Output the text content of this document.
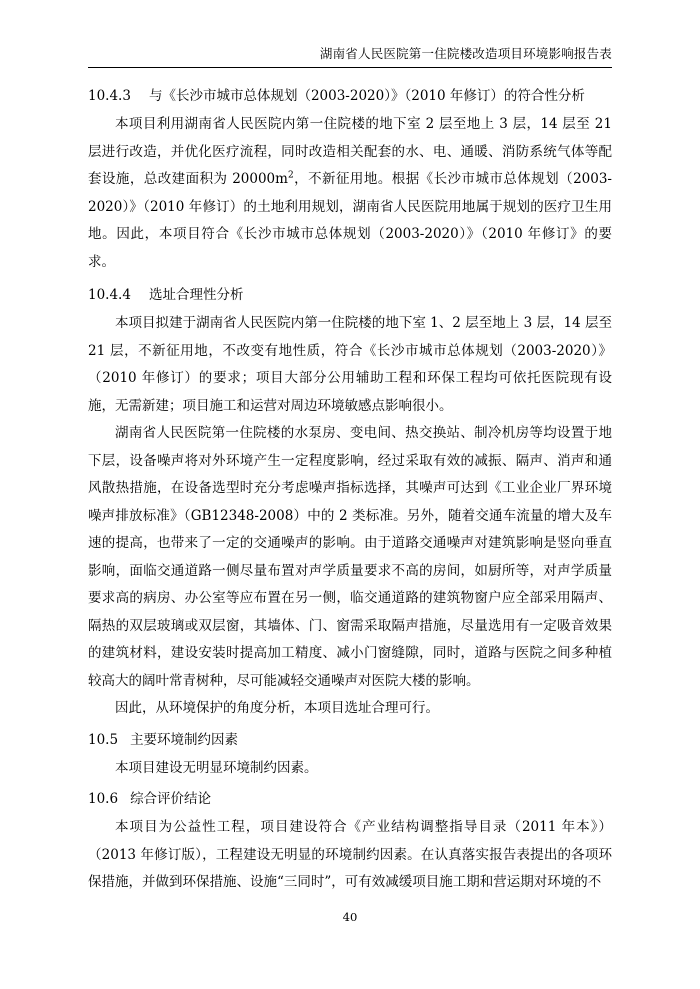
湖南省人民医院第一住院楼改造项目环境影响报告表
10.4.3 与《长沙市城市总体规划（2003-2020）》（2010 年修订）的符合性分析

本项目利用湖南省人民医院内第一住院楼的地下室 2 层至地上 3 层，14 层至 21 层进行改造，并优化医疗流程，同时改造相关配套的水、电、通暖、消防系统气体等配套设施，总改建面积为 $20000m^2$，不新征用地。根据《长沙市城市总体规划（2003-2020）》（2010 年修订）的土地利用规划，湖南省人民医院用地属于规划的医疗卫生用地。因此，本项目符合《长沙市城市总体规划（2003-2020）》（2010 年修订》的要求。

10.4.4 选址合理性分析

本项目拟建于湖南省人民医院内第一住院楼的地下室 1、2 层至地上 3 层，14 层至 21 层，不新征用地，不改变有地性质，符合《长沙市城市总体规划（2003-2020）》（2010 年修订）的要求；项目大部分公用辅助工程和环保工程均可依托医院现有设施，无需新建；项目施工和运营对周边环境敏感点影响很小。

湖南省人民医院第一住院楼的水泵房、变电间、热交换站、制冷机房等均设置于地下层，设备噪声将对外环境产生一定程度影响，经过采取有效的减振、隔声、消声和通风散热措施，在设备选型时充分考虑噪声指标选择，其噪声可达到《工业企业厂界环境噪声排放标准》（GB12348-2008）中的 2 类标准。另外，随着交通车流量的增大及车速的提高，也带来了一定的交通噪声的影响。由于道路交通噪声对建筑影响是竖向垂直影响，面临交通道路一侧尽量布置对声学质量要求不高的房间，如厨所等，对声学质量要求高的病房、办公室等应布置在另一侧，临交通道路的建筑物窗户应全部采用隔声、隔热的双层玻璃或双层窗，其墙体、门、窗需采取隔声措施，尽量选用有一定吸音效果的建筑材料，建设安装时提高加工精度、减小门窗缝隙，同时，道路与医院之间多种植较高大的阔叶常青树种，尽可能减轻交通噪声对医院大楼的影响。

因此，从环境保护的角度分析，本项目选址合理可行。

10.5 主要环境制约因素

本项目建设无明显环境制约因素。

10.6 综合评价结论

本项目为公益性工程，项目建设符合《产业结构调整指导目录（2011 年本》）（2013 年修订版），工程建设无明显的环境制约因素。在认真落实报告表提出的各项环保措施，并做到环保措施、设施“三同时”，可有效减缓项目施工期和营运期对环境的不

40
